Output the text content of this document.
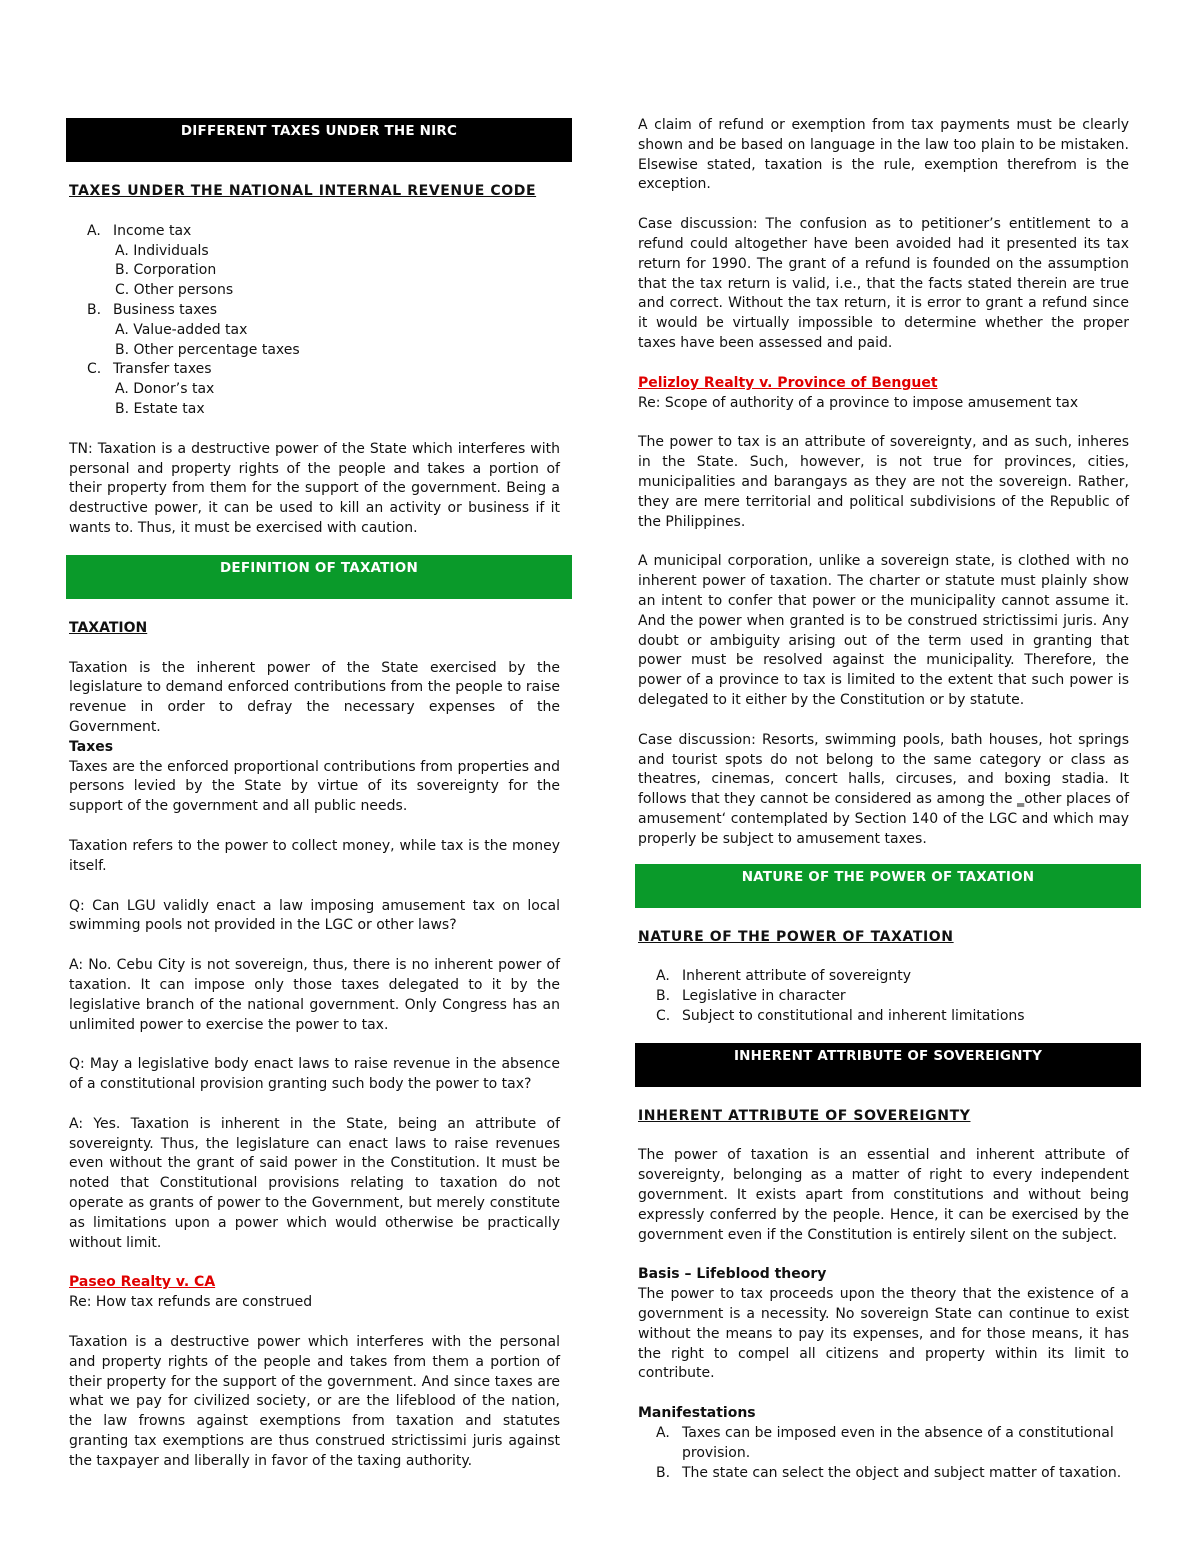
DIFFERENT TAXES UNDER THE NIRC
TAXES UNDER THE NATIONAL INTERNAL REVENUE CODE
A. Income tax
A. Individuals
B. Corporation
C. Other persons
B. Business taxes
A. Value-added tax
B. Other percentage taxes
C. Transfer taxes
A. Donor’s tax
B. Estate tax

TN: Taxation is a destructive power of the State which interferes with personal and property rights of the people and takes a portion of their property from them for the support of the government. Being a destructive power, it can be used to kill an activity or business if it wants to. Thus, it must be exercised with caution.

DEFINITION OF TAXATION
TAXATION

Taxation is the inherent power of the State exercised by the legislature to demand enforced contributions from the people to raise revenue in order to defray the necessary expenses of the Government.

Taxes

Taxes are the enforced proportional contributions from properties and persons levied by the State by virtue of its sovereignty for the support of the government and all public needs.

Taxation refers to the power to collect money, while tax is the money itself.

Q: Can LGU validly enact a law imposing amusement tax on local swimming pools not provided in the LGC or other laws?

A: No. Cebu City is not sovereign, thus, there is no inherent power of taxation. It can impose only those taxes delegated to it by the legislative branch of the national government. Only Congress has an unlimited power to exercise the power to tax.

Q: May a legislative body enact laws to raise revenue in the absence of a constitutional provision granting such body the power to tax?

A: Yes. Taxation is inherent in the State, being an attribute of sovereignty. Thus, the legislature can enact laws to raise revenues even without the grant of said power in the Constitution. It must be noted that Constitutional provisions relating to taxation do not operate as grants of power to the Government, but merely constitute as limitations upon a power which would otherwise be practically without limit.

Paseo Realty v. CA
Re: How tax refunds are construed

Taxation is a destructive power which interferes with the personal and property rights of the people and takes from them a portion of their property for the support of the government. And since taxes are what we pay for civilized society, or are the lifeblood of the nation, the law frowns against exemptions from taxation and statutes granting tax exemptions are thus construed strictissimi juris against the taxpayer and liberally in favor of the taxing authority.

A claim of refund or exemption from tax payments must be clearly shown and be based on language in the law too plain to be mistaken. Elsewise stated, taxation is the rule, exemption therefrom is the exception.

Case discussion: The confusion as to petitioner’s entitlement to a refund could altogether have been avoided had it presented its tax return for 1990. The grant of a refund is founded on the assumption that the tax return is valid, i.e., that the facts stated therein are true and correct. Without the tax return, it is error to grant a refund since it would be virtually impossible to determine whether the proper taxes have been assessed and paid.

Pelizloy Realty v. Province of Benguet
Re: Scope of authority of a province to impose amusement tax

The power to tax is an attribute of sovereignty, and as such, inheres in the State. Such, however, is not true for provinces, cities, municipalities and barangays as they are not the sovereign. Rather, they are mere territorial and political subdivisions of the Republic of the Philippines.

A municipal corporation, unlike a sovereign state, is clothed with no inherent power of taxation. The charter or statute must plainly show an intent to confer that power or the municipality cannot assume it. And the power when granted is to be construed strictissimi juris. Any doubt or ambiguity arising out of the term used in granting that power must be resolved against the municipality. Therefore, the power of a province to tax is limited to the extent that such power is delegated to it either by the Constitution or by statute.

Case discussion: Resorts, swimming pools, bath houses, hot springs and tourist spots do not belong to the same category or class as theatres, cinemas, concert halls, circuses, and boxing stadia. It follows that they cannot be considered as among the ‗other places of amusement‘ contemplated by Section 140 of the LGC and which may properly be subject to amusement taxes.

NATURE OF THE POWER OF TAXATION
NATURE OF THE POWER OF TAXATION
A. Inherent attribute of sovereignty
B. Legislative in character
C. Subject to constitutional and inherent limitations
INHERENT ATTRIBUTE OF SOVEREIGNTY
INHERENT ATTRIBUTE OF SOVEREIGNTY

The power of taxation is an essential and inherent attribute of sovereignty, belonging as a matter of right to every independent government. It exists apart from constitutions and without being expressly conferred by the people. Hence, it can be exercised by the government even if the Constitution is entirely silent on the subject.

Basis – Lifeblood theory

The power to tax proceeds upon the theory that the existence of a government is a necessity. No sovereign State can continue to exist without the means to pay its expenses, and for those means, it has the right to compel all citizens and property within its limit to contribute.

Manifestations
A. Taxes can be imposed even in the absence of a constitutional provision.
B. The state can select the object and subject matter of taxation.
